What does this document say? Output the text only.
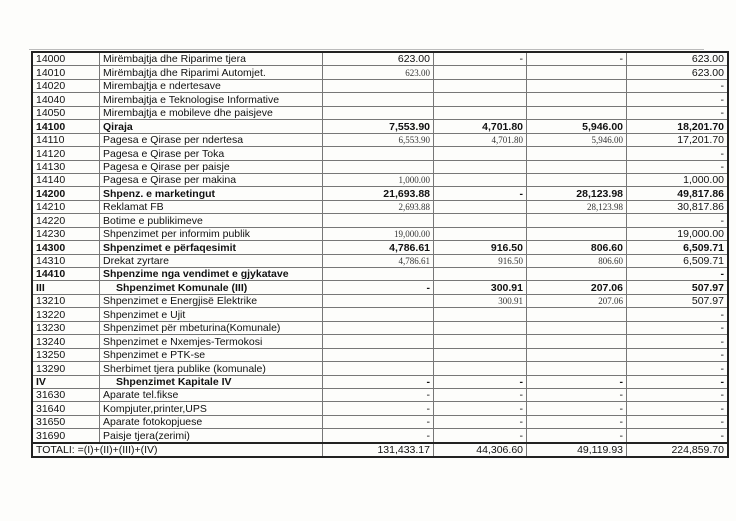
14000	Mirëmbajtja dhe Riparime tjera	623.00	-	-	623.00
14010	Mirëmbajtja dhe Riparimi Automjet.	623.00			623.00
14020	Mirembajtja e ndertesave				-
14040	Mirembajtja e Teknologise Informative				-
14050	Mirembajtja e mobileve dhe paisjeve				-
14100	Qiraja	7,553.90	4,701.80	5,946.00	18,201.70
14110	Pagesa e Qirase per ndertesa	6,553.90	4,701.80	5,946.00	17,201.70
14120	Pagesa e Qirase per Toka				-
14130	Pagesa e Qirase per paisje				-
14140	Pagesa e Qirase per makina	1,000.00			1,000.00
14200	Shpenz. e marketingut	21,693.88	-	28,123.98	49,817.86
14210	Reklamat FB	2,693.88		28,123.98	30,817.86
14220	Botime e publikimeve				-
14230	Shpenzimet per informim publik	19,000.00			19,000.00
14300	Shpenzimet e përfaqesimit	4,786.61	916.50	806.60	6,509.71
14310	Drekat zyrtare	4,786.61	916.50	806.60	6,509.71
14410	Shpenzime nga vendimet e gjykatave				-
III	Shpenzimet Komunale (III)	-	300.91	207.06	507.97
13210	Shpenzimet e Energjisë Elektrike		300.91	207.06	507.97
13220	Shpenzimet e Ujit				-
13230	Shpenzimet për mbeturina(Komunale)				-
13240	Shpenzimet e Nxemjes-Termokosi				-
13250	Shpenzimet e PTK-se				-
13290	Sherbimet tjera publike (komunale)				-
IV	Shpenzimet Kapitale IV	-	-	-	-
31630	Aparate tel.fikse	-	-	-	-
31640	Kompjuter,printer,UPS	-	-	-	-
31650	Aparate fotokopjuese	-	-	-	-
31690	Paisje tjera(zerimi)	-	-	-	-
TOTALI: =(I)+(II)+(III)+(IV)		131,433.17	44,306.60	49,119.93	224,859.70
